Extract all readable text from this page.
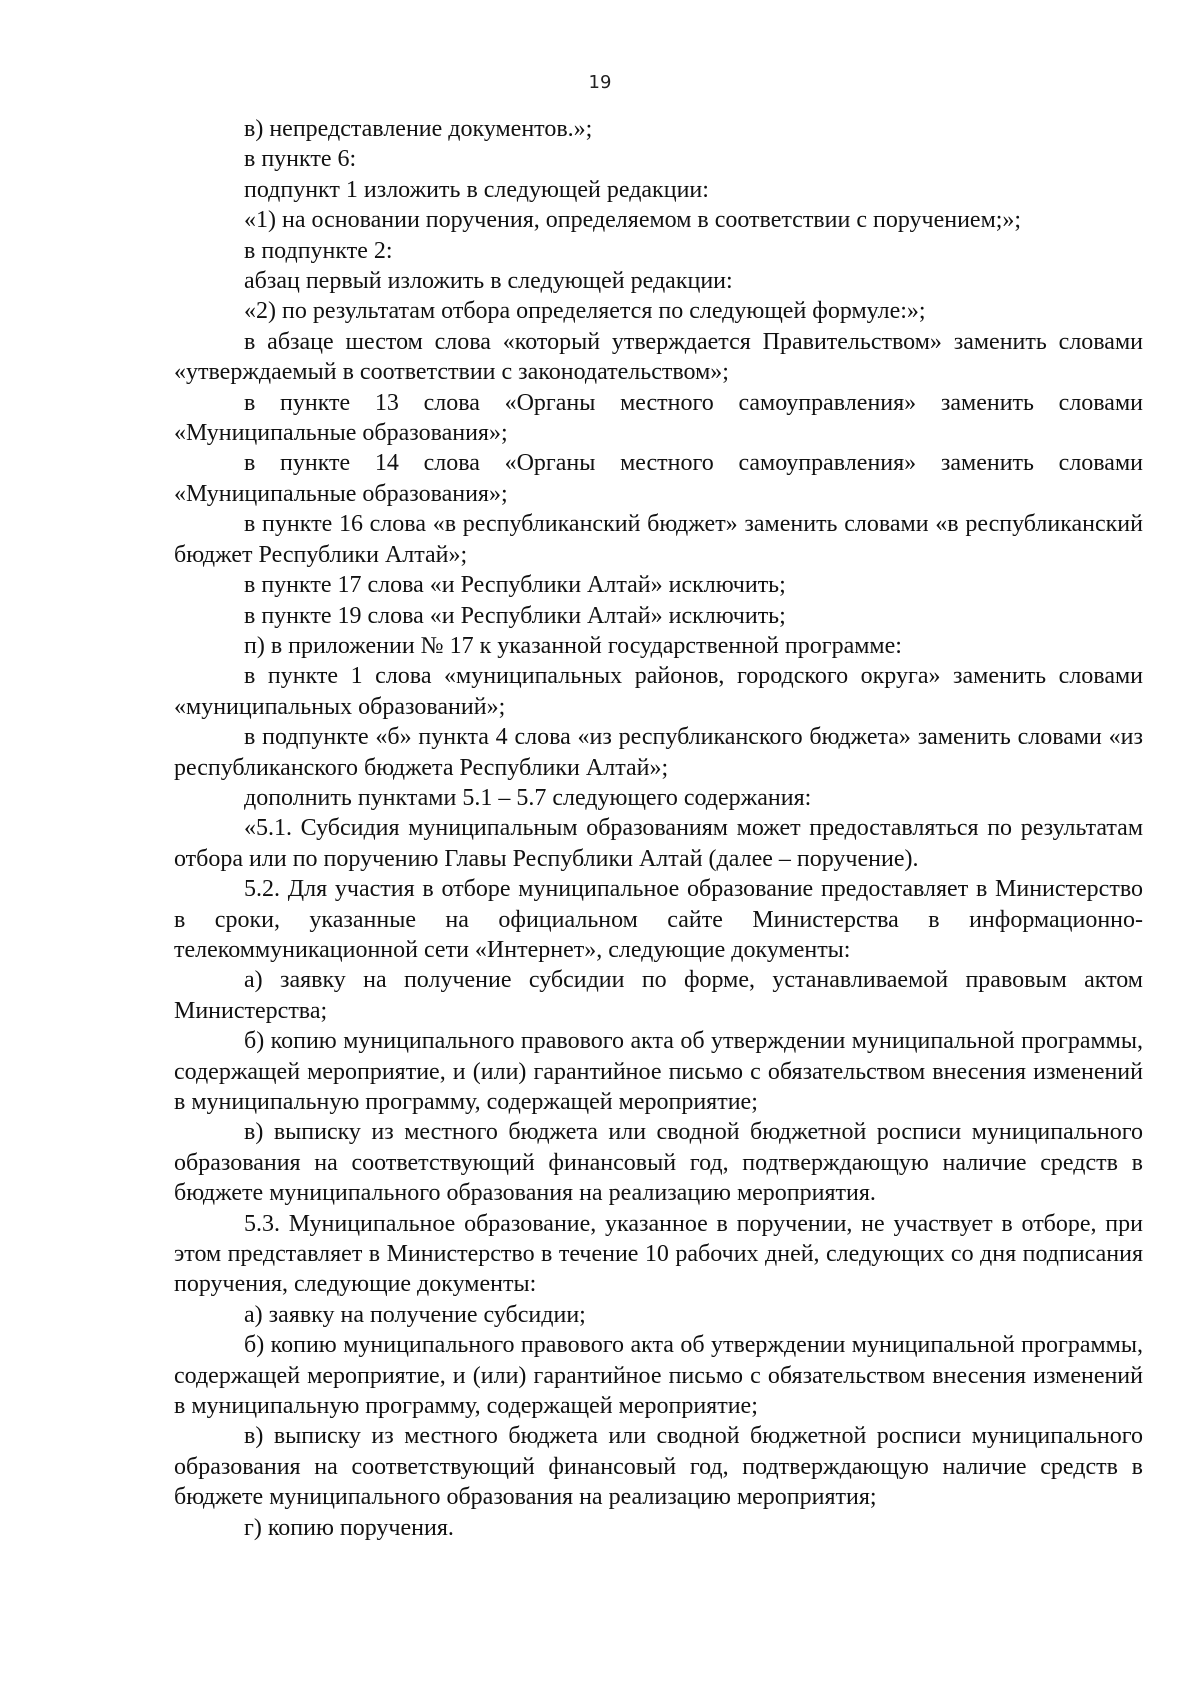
19

в) непредставление документов.»;

в пункте 6:

подпункт 1 изложить в следующей редакции:

«1) на основании поручения, определяемом в соответствии с поручением;»;

в подпункте 2:

абзац первый изложить в следующей редакции:

«2) по результатам отбора определяется по следующей формуле:»;

в абзаце шестом слова «который утверждается Правительством» заменить словами «утверждаемый в соответствии с законодательством»;

в пункте 13 слова «Органы местного самоуправления» заменить словами «Муниципальные образования»;

в пункте 14 слова «Органы местного самоуправления» заменить словами «Муниципальные образования»;

в пункте 16 слова «в республиканский бюджет» заменить словами «в республиканский бюджет Республики Алтай»;

в пункте 17 слова «и Республики Алтай» исключить;

в пункте 19 слова «и Республики Алтай» исключить;

п) в приложении № 17 к указанной государственной программе:

в пункте 1 слова «муниципальных районов, городского округа» заменить словами «муниципальных образований»;

в подпункте «б» пункта 4 слова «из республиканского бюджета» заменить словами «из республиканского бюджета Республики Алтай»;

дополнить пунктами 5.1 – 5.7 следующего содержания:

«5.1. Субсидия муниципальным образованиям может предоставляться по результатам отбора или по поручению Главы Республики Алтай (далее – поручение).

5.2. Для участия в отборе муниципальное образование предоставляет в Министерство в сроки, указанные на официальном сайте Министерства в информационно- телекоммуникационной сети «Интернет», следующие документы:

а) заявку на получение субсидии по форме, устанавливаемой правовым актом Министерства;

б) копию муниципального правового акта об утверждении муниципальной программы, содержащей мероприятие, и (или) гарантийное письмо с обязательством внесения изменений в муниципальную программу, содержащей мероприятие;

в) выписку из местного бюджета или сводной бюджетной росписи муниципального образования на соответствующий финансовый год, подтверждающую наличие средств в бюджете муниципального образования на реализацию мероприятия.

5.3. Муниципальное образование, указанное в поручении, не участвует в отборе, при этом представляет в Министерство в течение 10 рабочих дней, следующих со дня подписания поручения, следующие документы:

а) заявку на получение субсидии;

б) копию муниципального правового акта об утверждении муниципальной программы, содержащей мероприятие, и (или) гарантийное письмо с обязательством внесения изменений в муниципальную программу, содержащей мероприятие;

в) выписку из местного бюджета или сводной бюджетной росписи муниципального образования на соответствующий финансовый год, подтверждающую наличие средств в бюджете муниципального образования на реализацию мероприятия;

г) копию поручения.
